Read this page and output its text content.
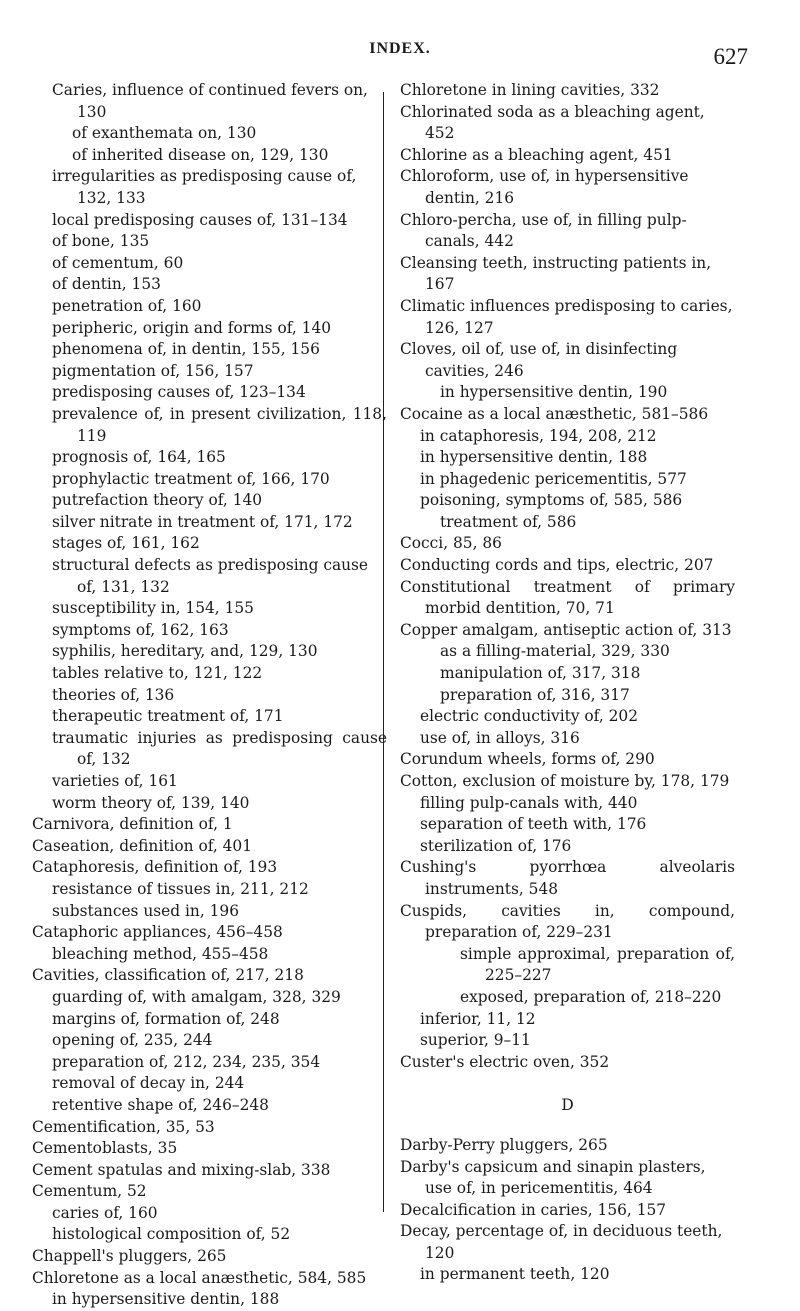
INDEX.	627
Caries, influence of continued fevers on, 130
of exanthemata on, 130
of inherited disease on, 129, 130
irregularities as predisposing cause of, 132, 133
local predisposing causes of, 131–134
of bone, 135
of cementum, 60
of dentin, 153
penetration of, 160
peripheric, origin and forms of, 140
phenomena of, in dentin, 155, 156
pigmentation of, 156, 157
predisposing causes of, 123–134
prevalence of, in present civilization, 118, 119
prognosis of, 164, 165
prophylactic treatment of, 166, 170
putrefaction theory of, 140
silver nitrate in treatment of, 171, 172
stages of, 161, 162
structural defects as predisposing cause of, 131, 132
susceptibility in, 154, 155
symptoms of, 162, 163
syphilis, hereditary, and, 129, 130
tables relative to, 121, 122
theories of, 136
therapeutic treatment of, 171
traumatic injuries as predisposing cause of, 132
varieties of, 161
worm theory of, 139, 140
Carnivora, definition of, 1
Caseation, definition of, 401
Cataphoresis, definition of, 193
resistance of tissues in, 211, 212
substances used in, 196
Cataphoric appliances, 456–458
bleaching method, 455–458
Cavities, classification of, 217, 218
guarding of, with amalgam, 328, 329
margins of, formation of, 248
opening of, 235, 244
preparation of, 212, 234, 235, 354
removal of decay in, 244
retentive shape of, 246–248
Cementification, 35, 53
Cementoblasts, 35
Cement spatulas and mixing-slab, 338
Cementum, 52
caries of, 160
histological composition of, 52
Chappell's pluggers, 265
Chloretone as a local anæsthetic, 584, 585
in hypersensitive dentin, 188
Chloretone in lining cavities, 332
Chlorinated soda as a bleaching agent, 452
Chlorine as a bleaching agent, 451
Chloroform, use of, in hypersensitive dentin, 216
Chloro-percha, use of, in filling pulp-canals, 442
Cleansing teeth, instructing patients in, 167
Climatic influences predisposing to caries, 126, 127
Cloves, oil of, use of, in disinfecting cavities, 246
in hypersensitive dentin, 190
Cocaine as a local anæsthetic, 581–586
in cataphoresis, 194, 208, 212
in hypersensitive dentin, 188
in phagedenic pericementitis, 577
poisoning, symptoms of, 585, 586
treatment of, 586
Cocci, 85, 86
Conducting cords and tips, electric, 207
Constitutional treatment of primary morbid dentition, 70, 71
Copper amalgam, antiseptic action of, 313
as a filling-material, 329, 330
manipulation of, 317, 318
preparation of, 316, 317
electric conductivity of, 202
use of, in alloys, 316
Corundum wheels, forms of, 290
Cotton, exclusion of moisture by, 178, 179
filling pulp-canals with, 440
separation of teeth with, 176
sterilization of, 176
Cushing's pyorrhœa alveolaris instruments, 548
Cuspids, cavities in, compound, preparation of, 229–231
simple approximal, preparation of, 225–227
exposed, preparation of, 218–220
inferior, 11, 12
superior, 9–11
Custer's electric oven, 352
D
Darby-Perry pluggers, 265
Darby's capsicum and sinapin plasters, use of, in pericementitis, 464
Decalcification in caries, 156, 157
Decay, percentage of, in deciduous teeth, 120
in permanent teeth, 120
